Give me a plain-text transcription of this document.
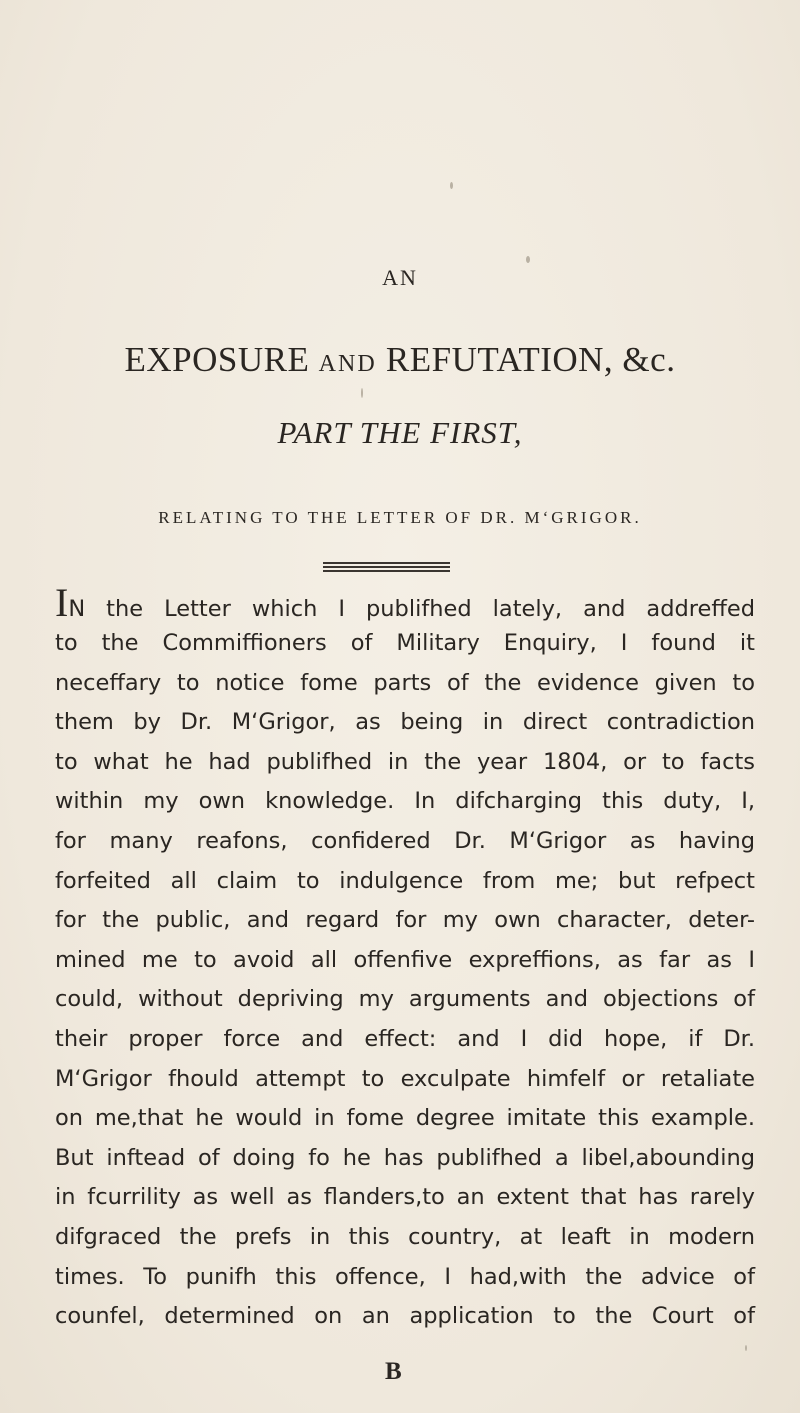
AN
EXPOSURE AND REFUTATION, &c.
PART THE FIRST,
RELATING TO THE LETTER OF DR. M‘GRIGOR.
IN the Letter which I publifhed lately, and addreffed
to the Commiffioners of Military Enquiry, I found it
neceffary to notice fome parts of the evidence given to
them by Dr. M‘Grigor, as being in direct contradiction
to what he had publifhed in the year 1804, or to facts
within my own knowledge. In difcharging this duty, I,
for many reafons, confidered Dr. M‘Grigor as having
forfeited all claim to indulgence from me; but refpect
for the public, and regard for my own character, deter-
mined me to avoid all offenfive expreffions, as far as I
could, without depriving my arguments and objections of
their proper force and effect: and I did hope, if Dr.
M‘Grigor fhould attempt to exculpate himfelf or retaliate
on me,that he would in fome degree imitate this example.
But inftead of doing fo he has publifhed a libel,abounding
in fcurrility as well as flanders,to an extent that has rarely
difgraced the prefs in this country, at leaft in modern
times. To punifh this offence, I had,with the advice of
counfel, determined on an application to the Court of
B
